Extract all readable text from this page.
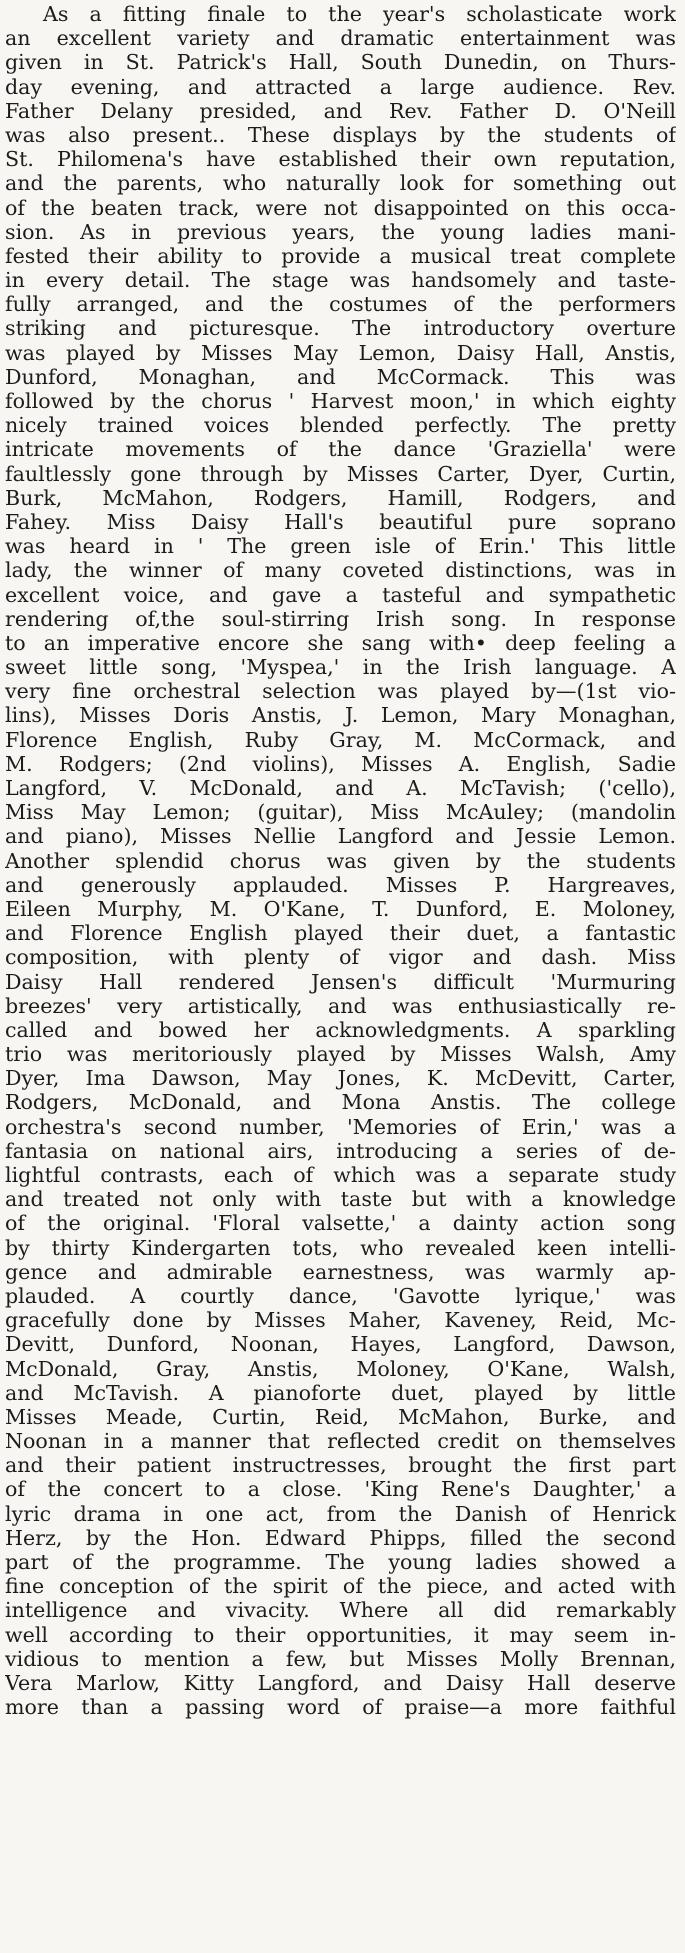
As a fitting finale to the year's scholasticate work
an excellent variety and dramatic entertainment was
given in St. Patrick's Hall, South Dunedin, on Thurs-
day evening, and attracted a large audience. Rev.
Father Delany presided, and Rev. Father D. O'Neill
was also present.. These displays by the students of
St. Philomena's have established their own reputation,
and the parents, who naturally look for something out
of the beaten track, were not disappointed on this occa-
sion. As in previous years, the young ladies mani-
fested their ability to provide a musical treat complete
in every detail. The stage was handsomely and taste-
fully arranged, and the costumes of the performers
striking and picturesque. The introductory overture
was played by Misses May Lemon, Daisy Hall, Anstis,
Dunford, Monaghan, and McCormack. This was
followed by the chorus ' Harvest moon,' in which eighty
nicely trained voices blended perfectly. The pretty
intricate movements of the dance 'Graziella' were
faultlessly gone through by Misses Carter, Dyer, Curtin,
Burk, McMahon, Rodgers, Hamill, Rodgers, and
Fahey. Miss Daisy Hall's beautiful pure soprano
was heard in ' The green isle of Erin.' This little
lady, the winner of many coveted distinctions, was in
excellent voice, and gave a tasteful and sympathetic
rendering of,the soul-stirring Irish song. In response
to an imperative encore she sang with• deep feeling a
sweet little song, 'Myspea,' in the Irish language. A
very fine orchestral selection was played by—(1st vio-
lins), Misses Doris Anstis, J. Lemon, Mary Monaghan,
Florence English, Ruby Gray, M. McCormack, and
M. Rodgers; (2nd violins), Misses A. English, Sadie
Langford, V. McDonald, and A. McTavish; ('cello),
Miss May Lemon; (guitar), Miss McAuley; (mandolin
and piano), Misses Nellie Langford and Jessie Lemon.
Another splendid chorus was given by the students
and generously applauded. Misses P. Hargreaves,
Eileen Murphy, M. O'Kane, T. Dunford, E. Moloney,
and Florence English played their duet, a fantastic
composition, with plenty of vigor and dash. Miss
Daisy Hall rendered Jensen's difficult 'Murmuring
breezes' very artistically, and was enthusiastically re-
called and bowed her acknowledgments. A sparkling
trio was meritoriously played by Misses Walsh, Amy
Dyer, Ima Dawson, May Jones, K. McDevitt, Carter,
Rodgers, McDonald, and Mona Anstis. The college
orchestra's second number, 'Memories of Erin,' was a
fantasia on national airs, introducing a series of de-
lightful contrasts, each of which was a separate study
and treated not only with taste but with a knowledge
of the original. 'Floral valsette,' a dainty action song
by thirty Kindergarten tots, who revealed keen intelli-
gence and admirable earnestness, was warmly ap-
plauded. A courtly dance, 'Gavotte lyrique,' was
gracefully done by Misses Maher, Kaveney, Reid, Mc-
Devitt, Dunford, Noonan, Hayes, Langford, Dawson,
McDonald, Gray, Anstis, Moloney, O'Kane, Walsh,
and McTavish. A pianoforte duet, played by little
Misses Meade, Curtin, Reid, McMahon, Burke, and
Noonan in a manner that reflected credit on themselves
and their patient instructresses, brought the first part
of the concert to a close. 'King Rene's Daughter,' a
lyric drama in one act, from the Danish of Henrick
Herz, by the Hon. Edward Phipps, filled the second
part of the programme. The young ladies showed a
fine conception of the spirit of the piece, and acted with
intelligence and vivacity. Where all did remarkably
well according to their opportunities, it may seem in-
vidious to mention a few, but Misses Molly Brennan,
Vera Marlow, Kitty Langford, and Daisy Hall deserve
more than a passing word of praise—a more faithful
